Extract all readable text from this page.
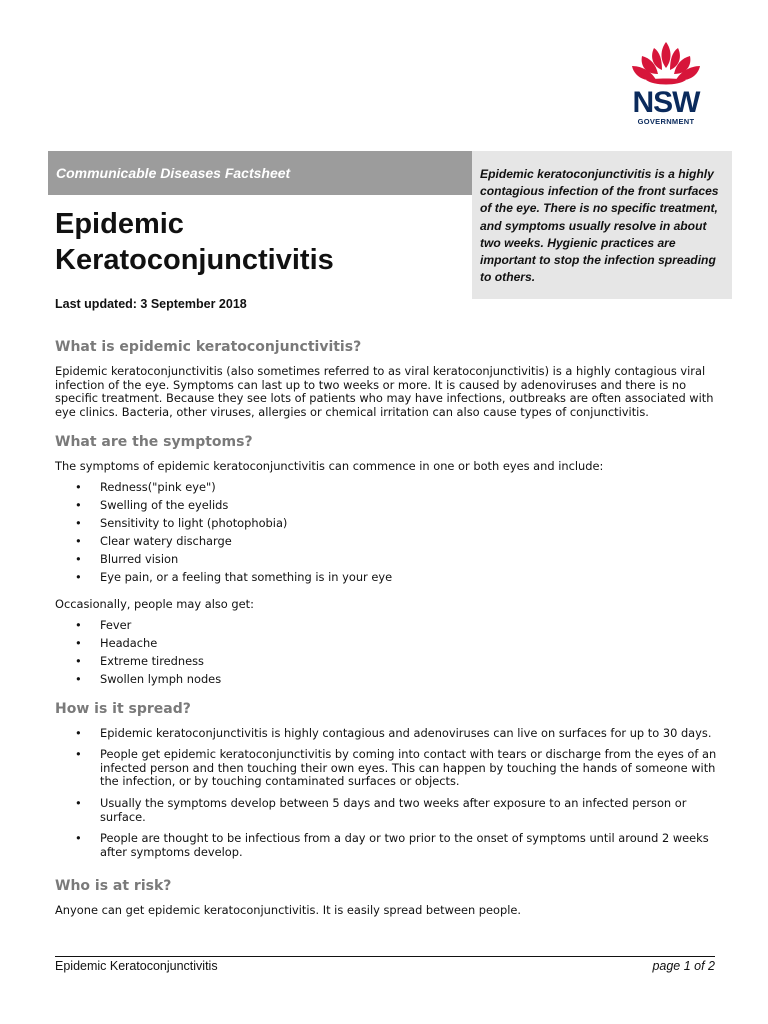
NSW
GOVERNMENT
Communicable Diseases Factsheet	Epidemic keratoconjunctivitis is a highly contagious infection of the front surfaces of the eye. There is no specific treatment, and symptoms usually resolve in about two weeks. Hygienic practices are important to stop the infection spreading to others.
Epidemic
Keratoconjunctivitis
Last updated: 3 September 2018
What is epidemic keratoconjunctivitis?

Epidemic keratoconjunctivitis (also sometimes referred to as viral keratoconjunctivitis) is a highly contagious viral infection of the eye. Symptoms can last up to two weeks or more. It is caused by adenoviruses and there is no specific treatment. Because they see lots of patients who may have infections, outbreaks are often associated with eye clinics. Bacteria, other viruses, allergies or chemical irritation can also cause types of conjunctivitis.

What are the symptoms?

The symptoms of epidemic keratoconjunctivitis can commence in one or both eyes and include:

• Redness("pink eye")
• Swelling of the eyelids
• Sensitivity to light (photophobia)
• Clear watery discharge
• Blurred vision
• Eye pain, or a feeling that something is in your eye

Occasionally, people may also get:

• Fever
• Headache
• Extreme tiredness
• Swollen lymph nodes
How is it spread?
• Epidemic keratoconjunctivitis is highly contagious and adenoviruses can live on surfaces for up to 30 days.
• People get epidemic keratoconjunctivitis by coming into contact with tears or discharge from the eyes of an infected person and then touching their own eyes. This can happen by touching the hands of someone with the infection, or by touching contaminated surfaces or objects.
• Usually the symptoms develop between 5 days and two weeks after exposure to an infected person or surface.
• People are thought to be infectious from a day or two prior to the onset of symptoms until around 2 weeks after symptoms develop.
Who is at risk?

Anyone can get epidemic keratoconjunctivitis. It is easily spread between people.

Epidemic Keratoconjunctivitis	page 1 of 2
